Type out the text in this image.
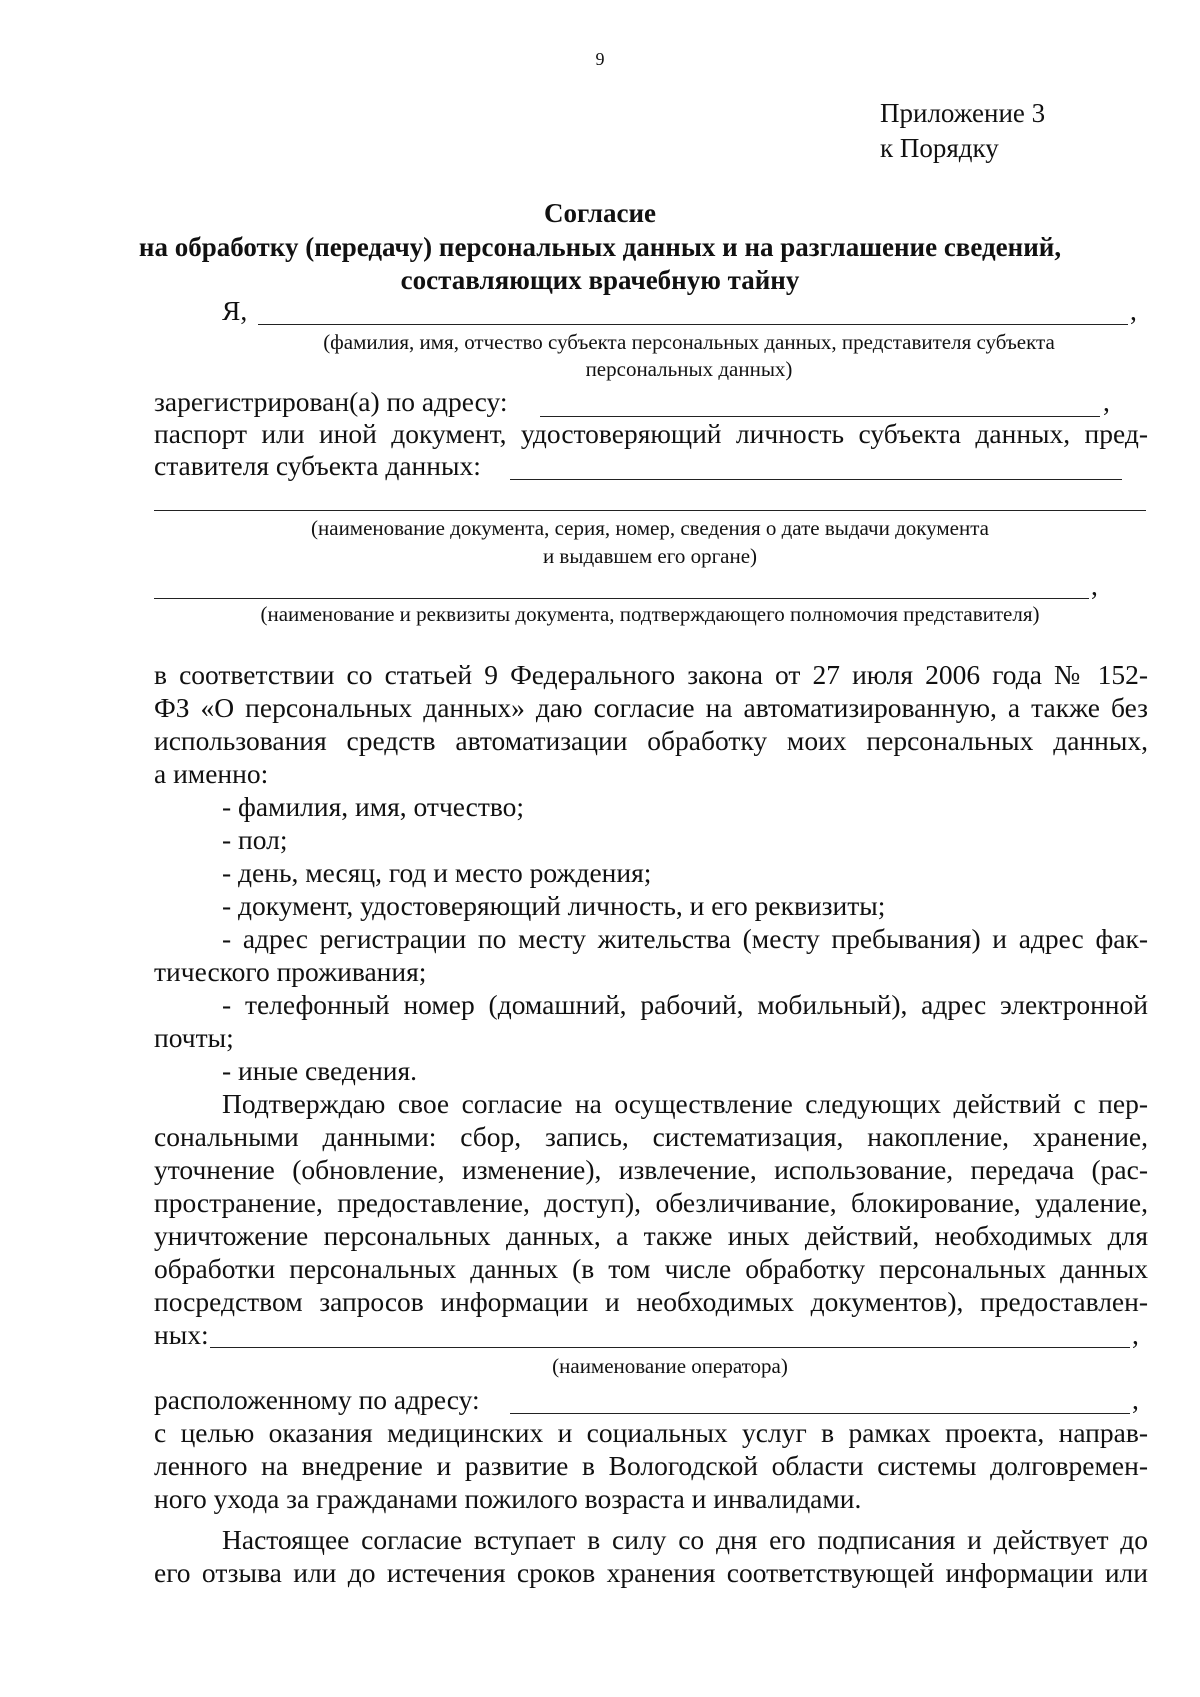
9
Приложение 3
к Порядку
Согласие
на обработку (передачу) персональных данных и на разглашение сведений,
составляющих врачебную тайну
Я,	,
(фамилия, имя, отчество субъекта персональных данных, представителя субъекта
персональных данных)
зарегистрирован(а) по адресу:	,
паспорт или иной документ, удостоверяющий личность субъекта данных, пред-
ставителя субъекта данных:
(наименование документа, серия, номер, сведения о дате выдачи документа
и выдавшем его органе)
,
(наименование и реквизиты документа, подтверждающего полномочия представителя)
в соответствии со статьей 9 Федерального закона от 27 июля 2006 года № 152-
ФЗ «О персональных данных» даю согласие на автоматизированную, а также без
использования средств автоматизации обработку моих персональных данных,
а именно:
- фамилия, имя, отчество;
- пол;
- день, месяц, год и место рождения;
- документ, удостоверяющий личность, и его реквизиты;
- адрес регистрации по месту жительства (месту пребывания) и адрес фак-
тического проживания;
- телефонный номер (домашний, рабочий, мобильный), адрес электронной
почты;
- иные сведения.
Подтверждаю свое согласие на осуществление следующих действий с пер-
сональными данными: сбор, запись, систематизация, накопление, хранение,
уточнение (обновление, изменение), извлечение, использование, передача (рас-
пространение, предоставление, доступ), обезличивание, блокирование, удаление,
уничтожение персональных данных, а также иных действий, необходимых для
обработки персональных данных (в том числе обработку персональных данных
посредством запросов информации и необходимых документов), предоставлен-
ных:	,
(наименование оператора)
расположенному по адресу:	,
с целью оказания медицинских и социальных услуг в рамках проекта, направ-
ленного на внедрение и развитие в Вологодской области системы долговремен-
ного ухода за гражданами пожилого возраста и инвалидами.
Настоящее согласие вступает в силу со дня его подписания и действует до
его отзыва или до истечения сроков хранения соответствующей информации или
